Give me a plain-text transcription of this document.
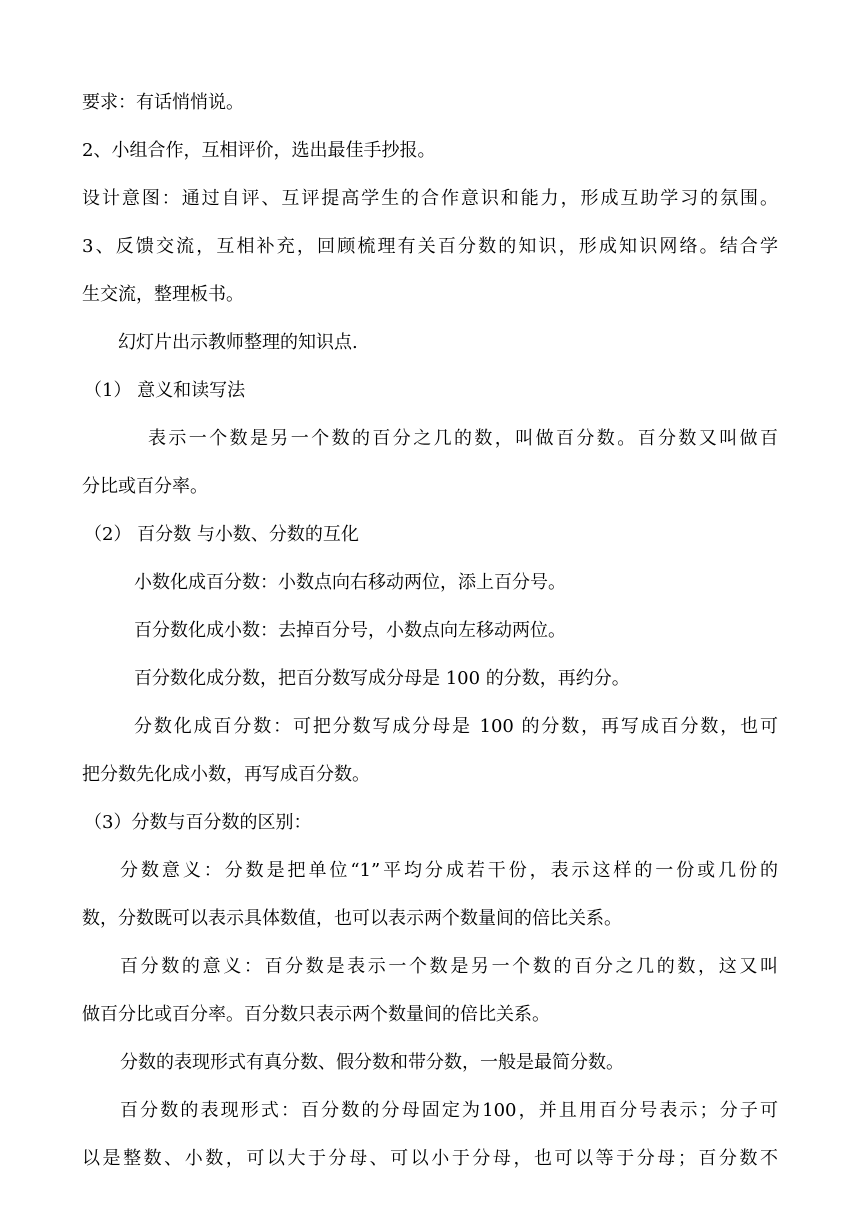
要求：有话悄悄说。
2、小组合作，互相评价，选出最佳手抄报。
设计意图：通过自评、互评提高学生的合作意识和能力，形成互助学习的氛围。
3、反馈交流，互相补充，回顾梳理有关百分数的知识，形成知识网络。结合学
生交流，整理板书。
幻灯片出示教师整理的知识点.
（1） 意义和读写法
表示一个数是另一个数的百分之几的数，叫做百分数。百分数又叫做百
分比或百分率。
（2） 百分数 与小数、分数的互化
小数化成百分数：小数点向右移动两位，添上百分号。
百分数化成小数：去掉百分号，小数点向左移动两位。
百分数化成分数，把百分数写成分母是 100 的分数，再约分。
分数化成百分数：可把分数写成分母是 100 的分数，再写成百分数，也可
把分数先化成小数，再写成百分数。
（3）分数与百分数的区别：
分数意义：分数是把单位“1”平均分成若干份，表示这样的一份或几份的
数，分数既可以表示具体数值，也可以表示两个数量间的倍比关系。
百分数的意义：百分数是表示一个数是另一个数的百分之几的数，这又叫
做百分比或百分率。百分数只表示两个数量间的倍比关系。
分数的表现形式有真分数、假分数和带分数，一般是最简分数。
百分数的表现形式：百分数的分母固定为100，并且用百分号表示；分子可
以是整数、小数，可以大于分母、可以小于分母，也可以等于分母；百分数不
